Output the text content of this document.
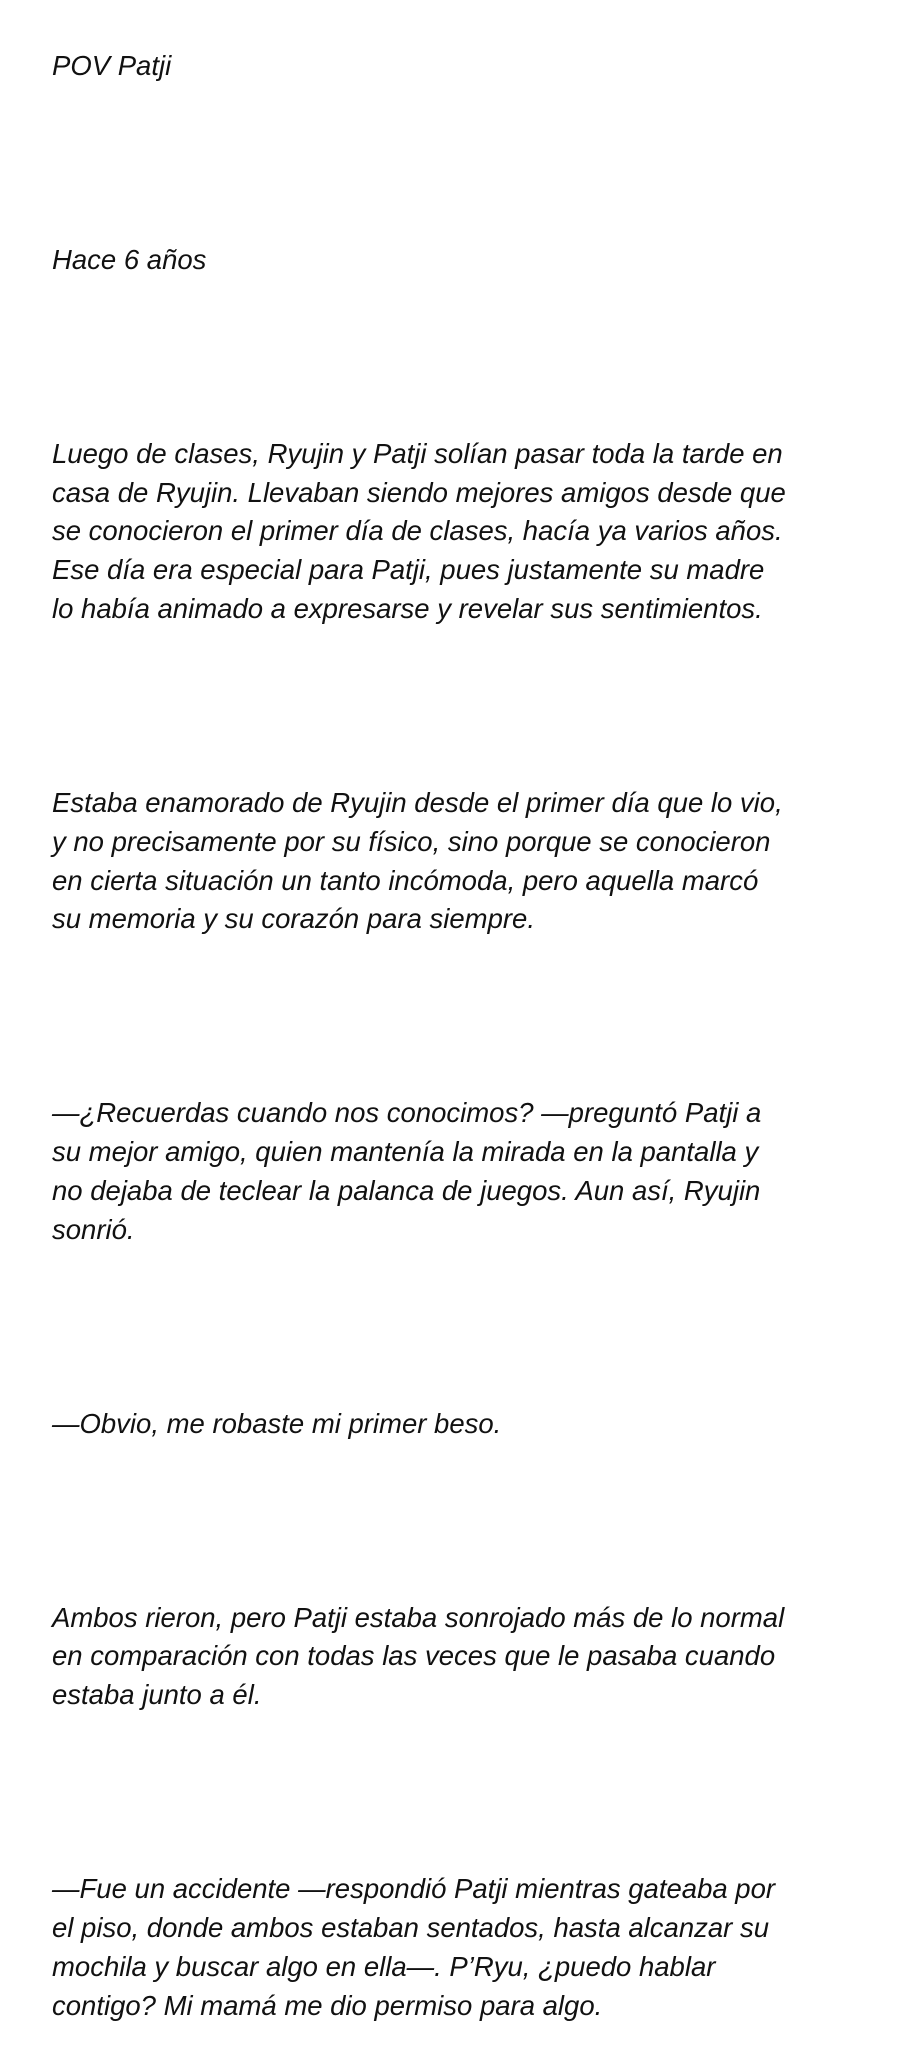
POV Patji

Hace 6 años

Luego de clases, Ryujin y Patji solían pasar toda la tarde en
casa de Ryujin. Llevaban siendo mejores amigos desde que
se conocieron el primer día de clases, hacía ya varios años.
Ese día era especial para Patji, pues justamente su madre
lo había animado a expresarse y revelar sus sentimientos.

Estaba enamorado de Ryujin desde el primer día que lo vio,
y no precisamente por su físico, sino porque se conocieron
en cierta situación un tanto incómoda, pero aquella marcó
su memoria y su corazón para siempre.

—¿Recuerdas cuando nos conocimos? —preguntó Patji a
su mejor amigo, quien mantenía la mirada en la pantalla y
no dejaba de teclear la palanca de juegos. Aun así, Ryujin
sonrió.

—Obvio, me robaste mi primer beso.

Ambos rieron, pero Patji estaba sonrojado más de lo normal
en comparación con todas las veces que le pasaba cuando
estaba junto a él.

—Fue un accidente —respondió Patji mientras gateaba por
el piso, donde ambos estaban sentados, hasta alcanzar su
mochila y buscar algo en ella—. P’Ryu, ¿puedo hablar
contigo? Mi mamá me dio permiso para algo.
